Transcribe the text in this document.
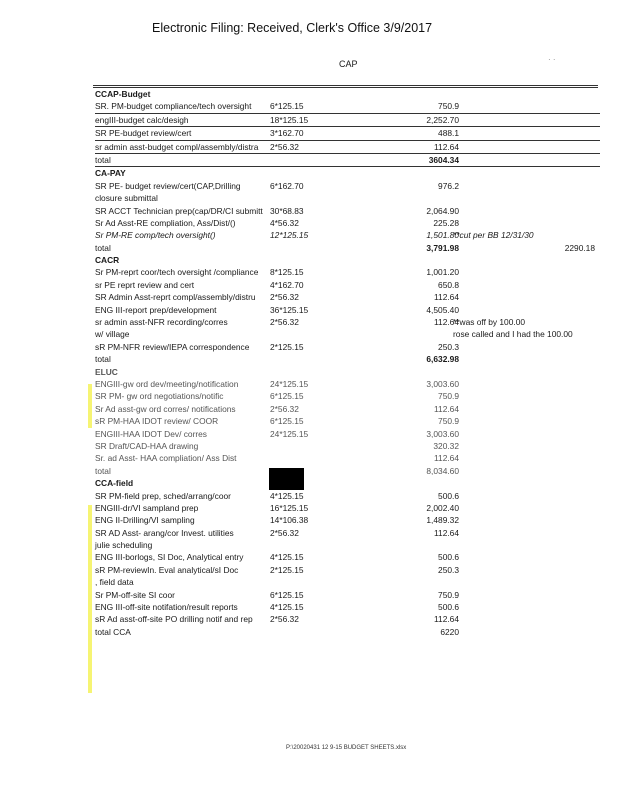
Electronic Filing: Received, Clerk's Office 3/9/2017
CAP	· ·
CCAP-Budget
SR. PM-budget compliance/tech oversight 6*125.15	750.9
engIII-budget calc/desigh	18*125.15	2,252.70
SR PE-budget review/cert	3*162.70	488.1
sr admin asst-budget compl/assembly/distra 2*56.32	112.64
total	3604.34
CA-PAY
SR PE- budget review/cert(CAP,Drilling	6*162.70	976.2
closure submittal
SR ACCT Technician prep(cap/DR/CI submitt 30*68.83	2,064.90
Sr Ad Asst-RE compliation, Ass/Dist/()	4*56.32	225.28
Sr PM-RE comp/tech oversight()	12*125.15	1,501.80
**cut per BB 12/31/30
total	3,791.98	2290.18
CACR
Sr PM-reprt coor/tech oversight /compliance 8*125.15	1,001.20
sr PE reprt review and cert	4*162.70	650.8
SR Admin Asst-reprt compl/assembly/distru 2*56.32	112.64
ENG III-report prep/development	36*125.15	4,505.40
sr admin asst-NFR recording/corres	2*56.32	112.64
**was off by 100.00
w/ village	rose called and I had the 100.00
sR PM-NFR review/IEPA correspondence 2*125.15	250.3
total	6,632.98
ELUC
ENGIII-gw ord dev/meeting/notification	24*125.15	3,003.60
SR PM- gw ord negotiations/notific	6*125.15	750.9
Sr Ad asst-gw ord corres/ notifications	2*56.32	112.64
sR PM-HAA IDOT review/ COOR	6*125.15	750.9
ENGIII-HAA IDOT Dev/ corres	24*125.15	3,003.60
SR Draft/CAD-HAA drawing	320.32
Sr. ad Asst- HAA compliation/ Ass Dist	112.64
total	8,034.60
CCA-field
SR PM-field prep, sched/arrang/coor	4*125.15	500.6
ENGIII-dr/VI sampland prep	16*125.15	2,002.40
ENG II-Drilling/VI sampling	14*106.38	1,489.32
SR AD Asst- arang/cor Invest. utilities	2*56.32	112.64
julie scheduling
ENG III-borlogs, SI Doc, Analytical entry	4*125.15	500.6
sR PM-reviewIn. Eval analytical/sI Doc	2*125.15	250.3
, field data
Sr PM-off-site SI coor	6*125.15	750.9
ENG III-off-site notifation/result reports	4*125.15	500.6
sR Ad asst-off-site PO drilling notif and rep 2*56.32	112.64
total CCA	6220
P:\20020431 12 9-15 BUDGET SHEETS.xlsx
